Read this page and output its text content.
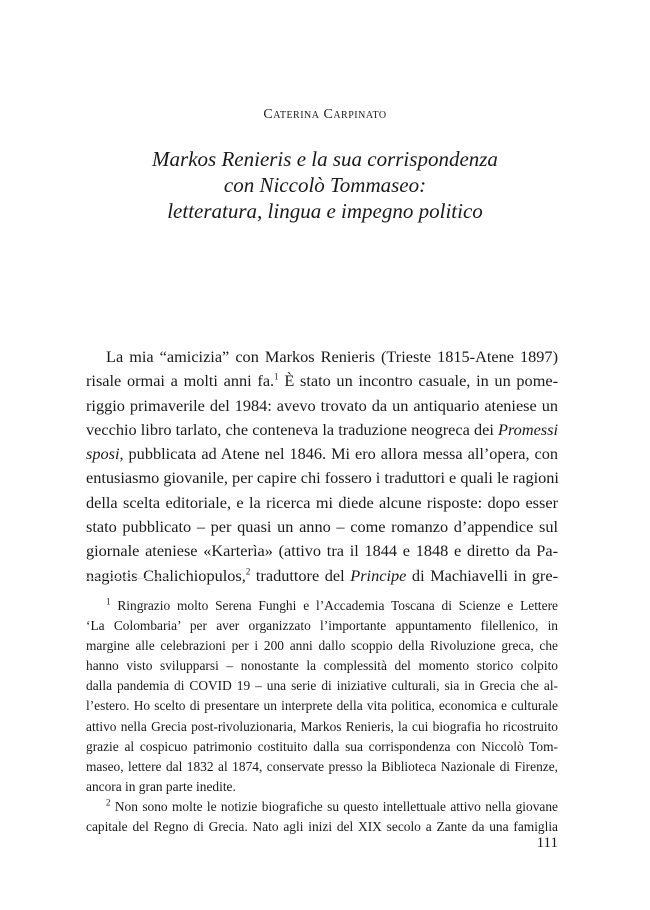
Caterina Carpinato
Markos Renieris e la sua corrispondenza
con Niccolò Tommaseo:
letteratura, lingua e impegno politico
La mia “amicizia” con Markos Renieris (Trieste 1815-Atene 1897)
risale ormai a molti anni fa.$^1$ È stato un incontro casuale, in un pome-
riggio primaverile del 1984: avevo trovato da un antiquario ateniese un
vecchio libro tarlato, che conteneva la traduzione neogreca dei Promessi
sposi, pubblicata ad Atene nel 1846. Mi ero allora messa all’opera, con
entusiasmo giovanile, per capire chi fossero i traduttori e quali le ragioni
della scelta editoriale, e la ricerca mi diede alcune risposte: dopo esser
stato pubblicato – per quasi un anno – come romanzo d’appendice sul
giornale ateniese «Karterìa» (attivo tra il 1844 e 1848 e diretto da Pa-
nagiotis Chalichiopulos,$^2$ traduttore del Principe di Machiavelli in gre-
$^1$ Ringrazio molto Serena Funghi e l’Accademia Toscana di Scienze e Lettere
‘La Colombaria’ per aver organizzato l’importante appuntamento filellenico, in
margine alle celebrazioni per i 200 anni dallo scoppio della Rivoluzione greca, che
hanno visto svilupparsi – nonostante la complessità del momento storico colpito
dalla pandemia di COVID 19 – una serie di iniziative culturali, sia in Grecia che al-
l’estero. Ho scelto di presentare un interprete della vita politica, economica e culturale
attivo nella Grecia post-rivoluzionaria, Markos Renieris, la cui biografia ho ricostruito
grazie al cospicuo patrimonio costituito dalla sua corrispondenza con Niccolò Tom-
maseo, lettere dal 1832 al 1874, conservate presso la Biblioteca Nazionale di Firenze,
ancora in gran parte inedite.
$^2$ Non sono molte le notizie biografiche su questo intellettuale attivo nella giovane
capitale del Regno di Grecia. Nato agli inizi del XIX secolo a Zante da una famiglia
111
